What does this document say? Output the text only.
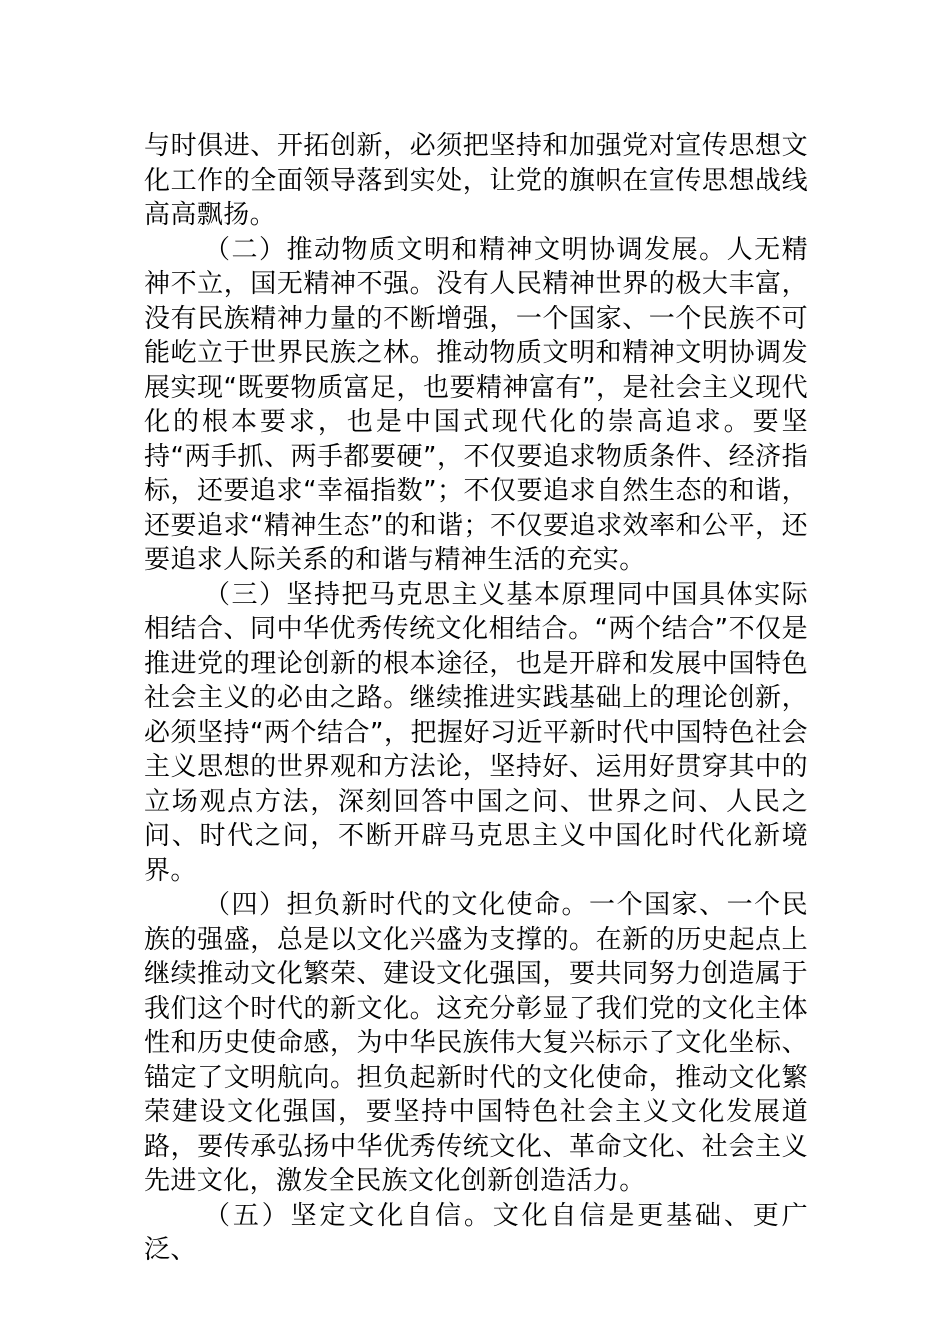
与时俱进、开拓创新，必须把坚持和加强党对宣传思想文化工作的全面领导落到实处，让党的旗帜在宣传思想战线高高飘扬。

（二）推动物质文明和精神文明协调发展。人无精神不立，国无精神不强。没有人民精神世界的极大丰富，没有民族精神力量的不断增强，一个国家、一个民族不可能屹立于世界民族之林。推动物质文明和精神文明协调发展实现“既要物质富足，也要精神富有”，是社会主义现代化的根本要求，也是中国式现代化的崇高追求。要坚持“两手抓、两手都要硬”，不仅要追求物质条件、经济指标，还要追求“幸福指数”；不仅要追求自然生态的和谐，还要追求“精神生态”的和谐；不仅要追求效率和公平，还要追求人际关系的和谐与精神生活的充实。

（三）坚持把马克思主义基本原理同中国具体实际相结合、同中华优秀传统文化相结合。“两个结合”不仅是推进党的理论创新的根本途径，也是开辟和发展中国特色社会主义的必由之路。继续推进实践基础上的理论创新，必须坚持“两个结合”，把握好习近平新时代中国特色社会主义思想的世界观和方法论，坚持好、运用好贯穿其中的立场观点方法，深刻回答中国之问、世界之问、人民之问、时代之问，不断开辟马克思主义中国化时代化新境界。

（四）担负新时代的文化使命。一个国家、一个民族的强盛，总是以文化兴盛为支撑的。在新的历史起点上继续推动文化繁荣、建设文化强国，要共同努力创造属于我们这个时代的新文化。这充分彰显了我们党的文化主体性和历史使命感，为中华民族伟大复兴标示了文化坐标、锚定了文明航向。担负起新时代的文化使命，推动文化繁荣建设文化强国，要坚持中国特色社会主义文化发展道路，要传承弘扬中华优秀传统文化、革命文化、社会主义先进文化，激发全民族文化创新创造活力。

（五）坚定文化自信。文化自信是更基础、更广泛、
